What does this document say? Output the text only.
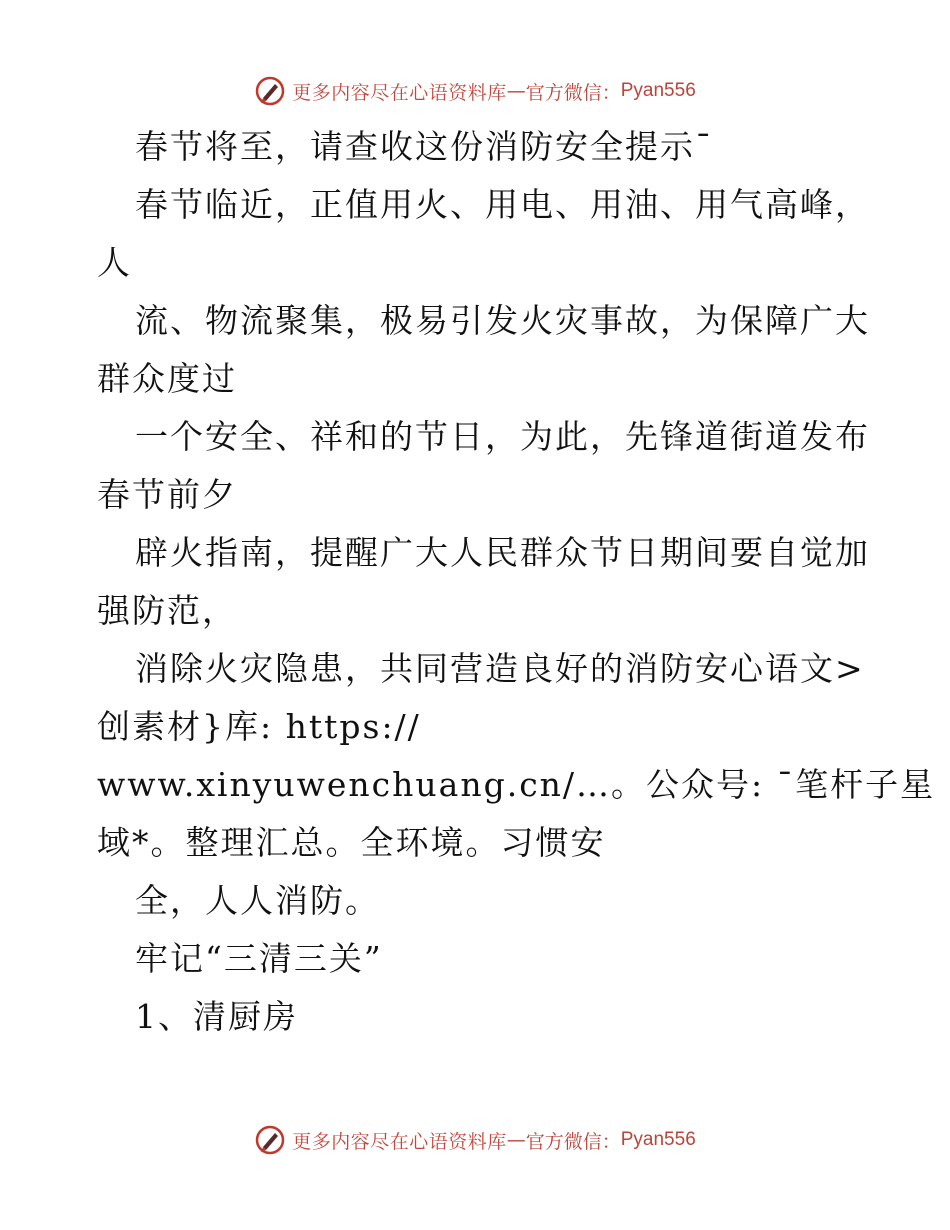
更多内容尽在心语资料库 — 官方微信： Pyan556
春节将至，请查收这份消防安全提示¯
春节临近，正值用火、用电、用油、用气高峰，
人
流、物流聚集，极易引发火灾事故，为保障广大
群众度过
一个安全、祥和的节日，为此，先锋道街道发布
春节前夕
辟火指南，提醒广大人民群众节日期间要自觉加
强防范，
消除火灾隐患，共同营造良好的消防安心语文>
创素材}库: https://
www.xinyuwenchuang.cn/…。公众号: ¯笔杆子星
域*。整理汇总。全环境。习惯安
全，人人消防。
牢记“三清三关”
1、清厨房
更多内容尽在心语资料库 — 官方微信： Pyan556
